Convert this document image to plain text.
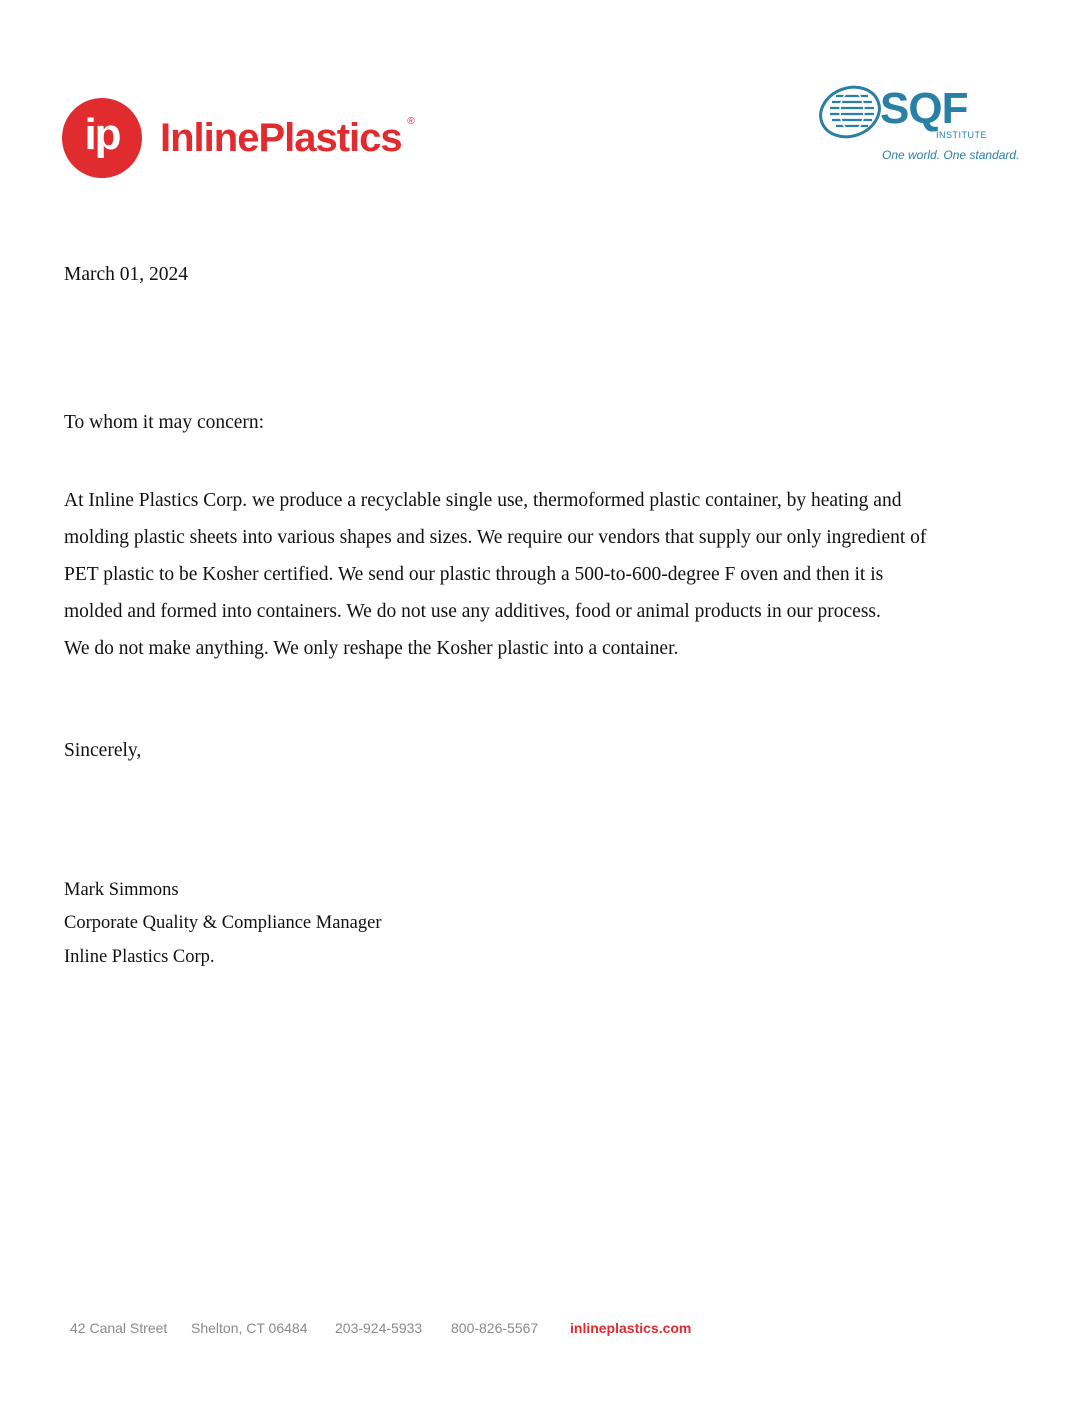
ip InlinePlastics ®	SQF
INSTITUTE
One world. One standard.
March 01, 2024
To whom it may concern:
At Inline Plastics Corp. we produce a recyclable single use, thermoformed plastic container, by heating and
molding plastic sheets into various shapes and sizes. We require our vendors that supply our only ingredient of
PET plastic to be Kosher certified. We send our plastic through a 500-to-600-degree F oven and then it is
molded and formed into containers. We do not use any additives, food or animal products in our process.
We do not make anything. We only reshape the Kosher plastic into a container.
Sincerely,
Mark Simmons
Corporate Quality & Compliance Manager
Inline Plastics Corp.
42 Canal Street Shelton, CT 06484 203-924-5933 800-826-5567 inlineplastics.com
